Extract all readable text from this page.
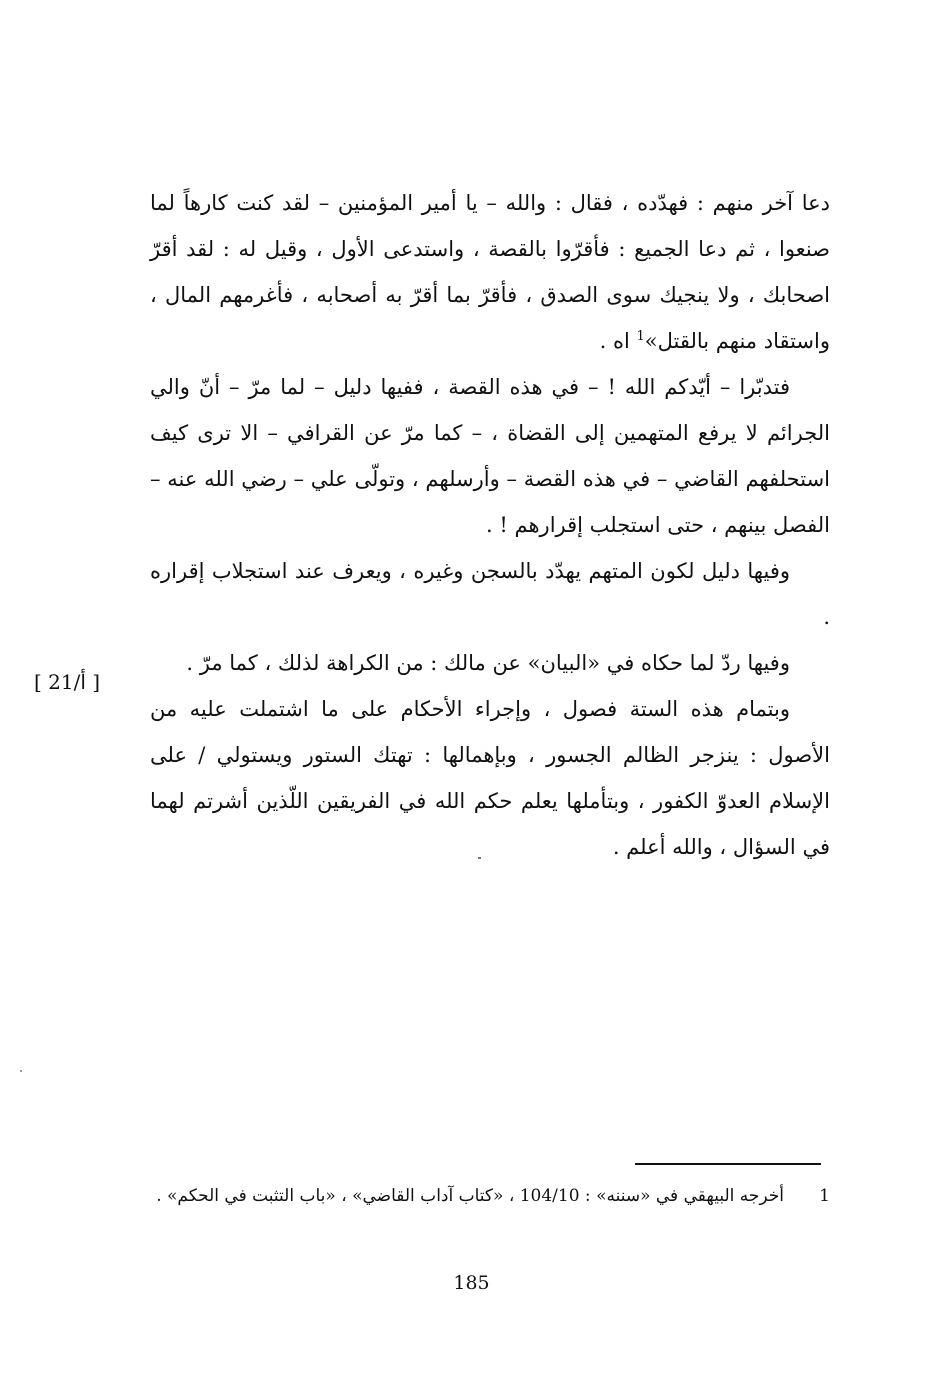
دعا آخر منهم : فهدّده ، فقال : والله – يا أمير المؤمنين – لقد كنت كارهاً لما صنعوا ، ثم دعا الجميع : فأقرّوا بالقصة ، واستدعى الأول ، وقيل له : لقد أقرّ اصحابك ، ولا ينجيك سوى الصدق ، فأقرّ بما أقرّ به أصحابه ، فأغرمهم المال ، واستقاد منهم بالقتل»$^1$ اه .

فتدبّرا – أيّدكم الله ! – في هذه القصة ، ففيها دليل – لما مرّ – أنّ والي الجرائم لا يرفع المتهمين إلى القضاة ، – كما مرّ عن القرافي – الا ترى كيف استحلفهم القاضي – في هذه القصة – وأرسلهم ، وتولّى علي – رضي الله عنه – الفصل بينهم ، حتى استجلب إقرارهم ! .

وفيها دليل لكون المتهم يهدّد بالسجن وغيره ، ويعرف عند استجلاب إقراره .

وفيها ردّ لما حكاه في «البيان» عن مالك : من الكراهة لذلك ، كما مرّ .

وبتمام هذه الستة فصول ، وإجراء الأحكام على ما اشتملت عليه من الأصول : ينزجر الظالم الجسور ، وبإهمالها : تهتك الستور ويستولي / على الإسلام العدوّ الكفور ، وبتأملها يعلم حكم الله في الفريقين اللّذين أشرتم لهما في السؤال ، والله أعلم .

[ 21/أ ]
1
أخرجه البيهقي في «سننه» : 104/10 ، «كتاب آداب القاضي» ، «باب التثبت في الحكم» .
185
